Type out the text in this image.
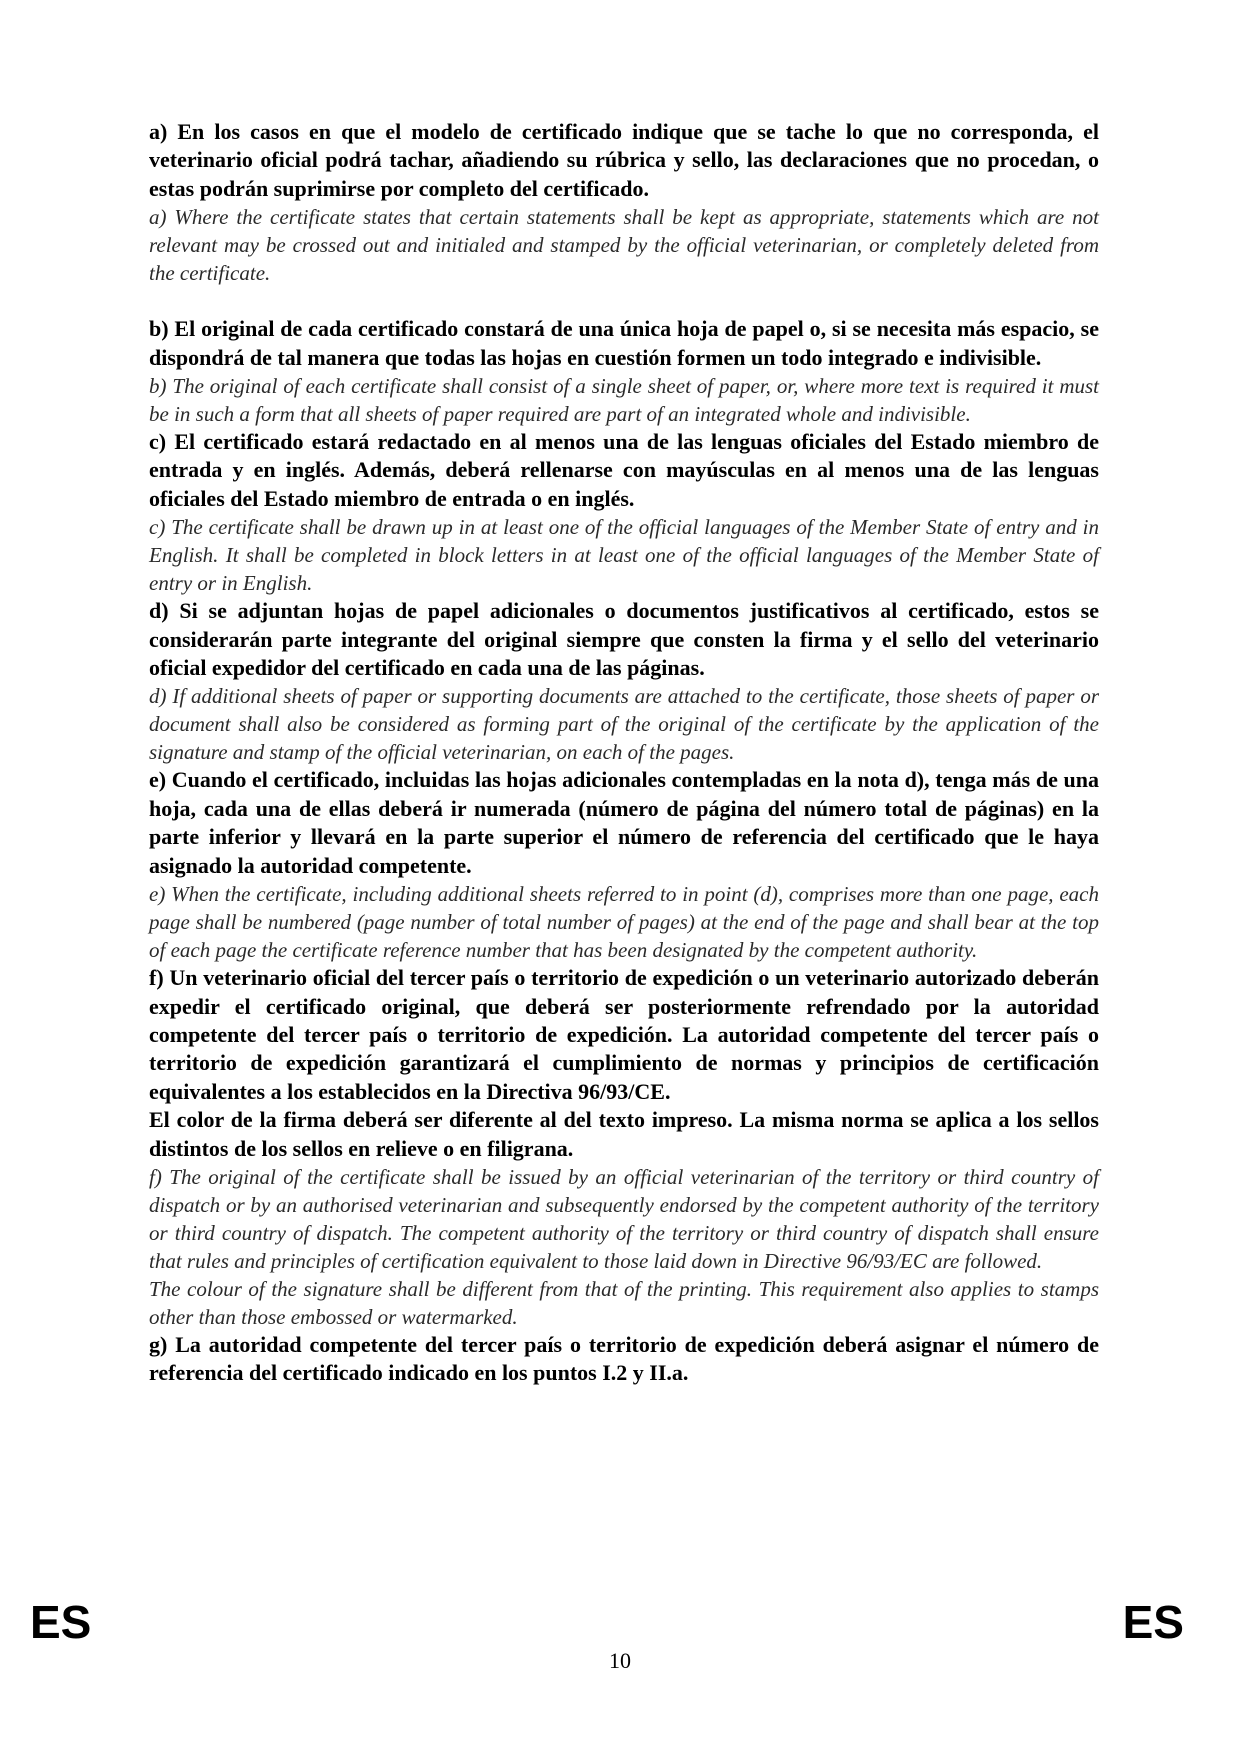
a) En los casos en que el modelo de certificado indique que se tache lo que no corresponda, el veterinario oficial podrá tachar, añadiendo su rúbrica y sello, las declaraciones que no procedan, o estas podrán suprimirse por completo del certificado.

a) Where the certificate states that certain statements shall be kept as appropriate, statements which are not relevant may be crossed out and initialed and stamped by the official veterinarian, or completely deleted from the certificate.

b) El original de cada certificado constará de una única hoja de papel o, si se necesita más espacio, se dispondrá de tal manera que todas las hojas en cuestión formen un todo integrado e indivisible.

b) The original of each certificate shall consist of a single sheet of paper, or, where more text is required it must be in such a form that all sheets of paper required are part of an integrated whole and indivisible.

c) El certificado estará redactado en al menos una de las lenguas oficiales del Estado miembro de entrada y en inglés. Además, deberá rellenarse con mayúsculas en al menos una de las lenguas oficiales del Estado miembro de entrada o en inglés.

c) The certificate shall be drawn up in at least one of the official languages of the Member State of entry and in English. It shall be completed in block letters in at least one of the official languages of the Member State of entry or in English.

d) Si se adjuntan hojas de papel adicionales o documentos justificativos al certificado, estos se considerarán parte integrante del original siempre que consten la firma y el sello del veterinario oficial expedidor del certificado en cada una de las páginas.

d) If additional sheets of paper or supporting documents are attached to the certificate, those sheets of paper or document shall also be considered as forming part of the original of the certificate by the application of the signature and stamp of the official veterinarian, on each of the pages.

e) Cuando el certificado, incluidas las hojas adicionales contempladas en la nota d), tenga más de una hoja, cada una de ellas deberá ir numerada (número de página del número total de páginas) en la parte inferior y llevará en la parte superior el número de referencia del certificado que le haya asignado la autoridad competente.

e) When the certificate, including additional sheets referred to in point (d), comprises more than one page, each page shall be numbered (page number of total number of pages) at the end of the page and shall bear at the top of each page the certificate reference number that has been designated by the competent authority.

f) Un veterinario oficial del tercer país o territorio de expedición o un veterinario autorizado deberán expedir el certificado original, que deberá ser posteriormente refrendado por la autoridad competente del tercer país o territorio de expedición. La autoridad competente del tercer país o territorio de expedición garantizará el cumplimiento de normas y principios de certificación equivalentes a los establecidos en la Directiva 96/93/CE.

El color de la firma deberá ser diferente al del texto impreso. La misma norma se aplica a los sellos distintos de los sellos en relieve o en filigrana.

f) The original of the certificate shall be issued by an official veterinarian of the territory or third country of dispatch or by an authorised veterinarian and subsequently endorsed by the competent authority of the territory or third country of dispatch. The competent authority of the territory or third country of dispatch shall ensure that rules and principles of certification equivalent to those laid down in Directive 96/93/EC are followed.

The colour of the signature shall be different from that of the printing. This requirement also applies to stamps other than those embossed or watermarked.

g) La autoridad competente del tercer país o territorio de expedición deberá asignar el número de referencia del certificado indicado en los puntos I.2 y II.a.

ES
10
ES
